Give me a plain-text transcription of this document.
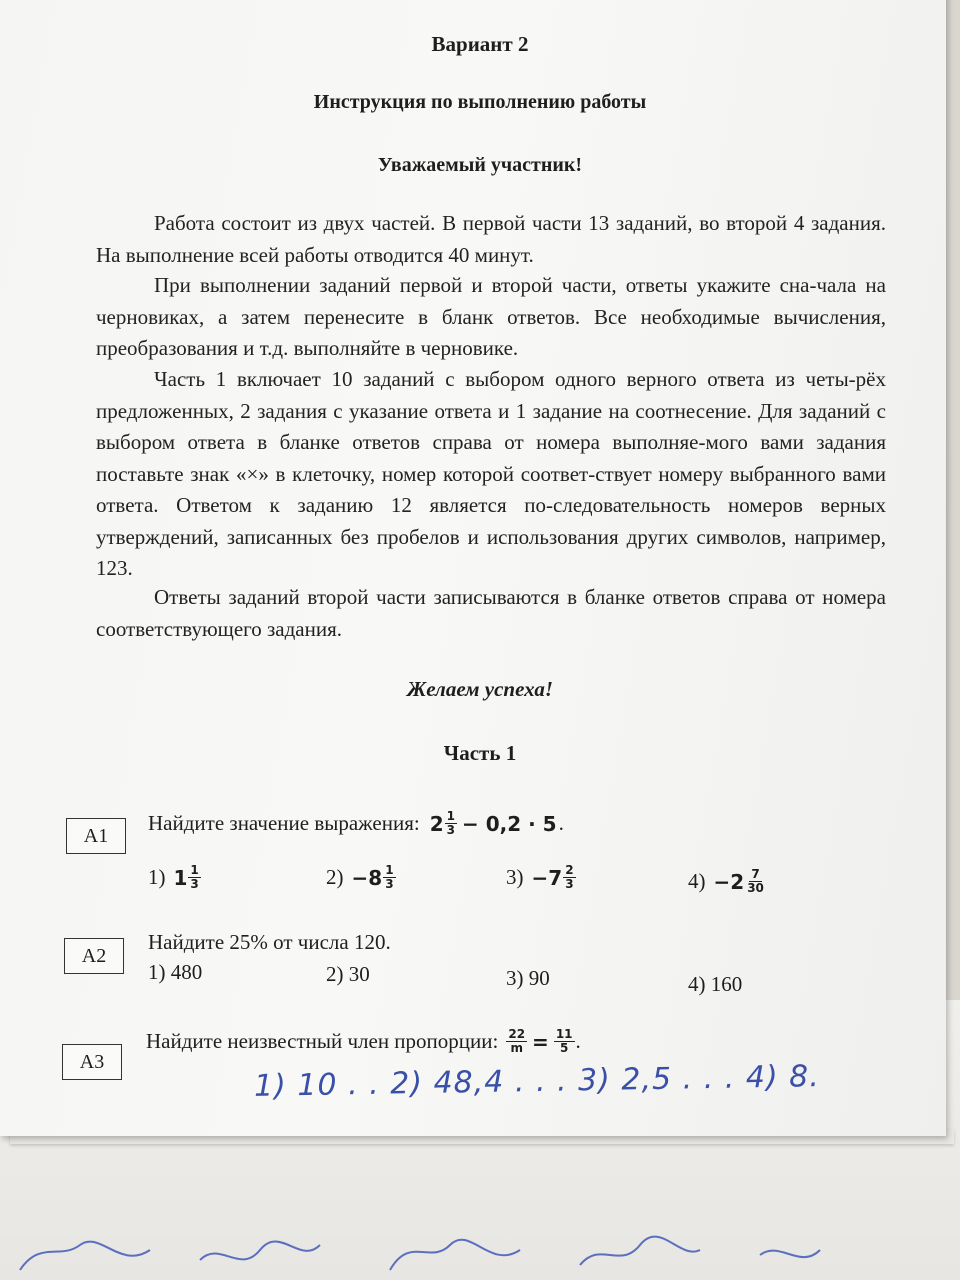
Вариант 2
Инструкция по выполнению работы
Уважаемый участник!
Работа состоит из двух частей. В первой части 13 заданий, во второй 4 задания. На выполнение всей работы отводится 40 минут.
При выполнении заданий первой и второй части, ответы укажите сна-чала на черновиках, а затем перенесите в бланк ответов. Все необходимые вычисления, преобразования и т.д. выполняйте в черновике.
Часть 1 включает 10 заданий с выбором одного верного ответа из четы-рёх предложенных, 2 задания с указание ответа и 1 задание на соотнесение. Для заданий с выбором ответа в бланке ответов справа от номера выполняе-мого вами задания поставьте знак «×» в клеточку, номер которой соответ-ствует номеру выбранного вами ответа. Ответом к заданию 12 является по-следовательность номеров верных утверждений, записанных без пробелов и использования других символов, например, 123.
Ответы заданий второй части записываются в бланке ответов справа от номера соответствующего задания.
Желаем успеха!
Часть 1
А1
Найдите значение выражения: $2 \frac{1}{3} - 0,2 \cdot 5$ .
1) $1 \frac{1}{3}$	$2) -8 \frac{1}{3}$	$3) -7 \frac{2}{3}$	$4) -2 \frac{7}{30}$
А2
Найдите 25% от числа 120.
1) 480	2) 30	3) 90	4) 160
А3
Найдите неизвестный член пропорции: $\frac{22}{m} = \frac{11}{5}$ .
1) 10 . . 2) 48,4 . . . 3) 2,5 . . . 4) 8.
